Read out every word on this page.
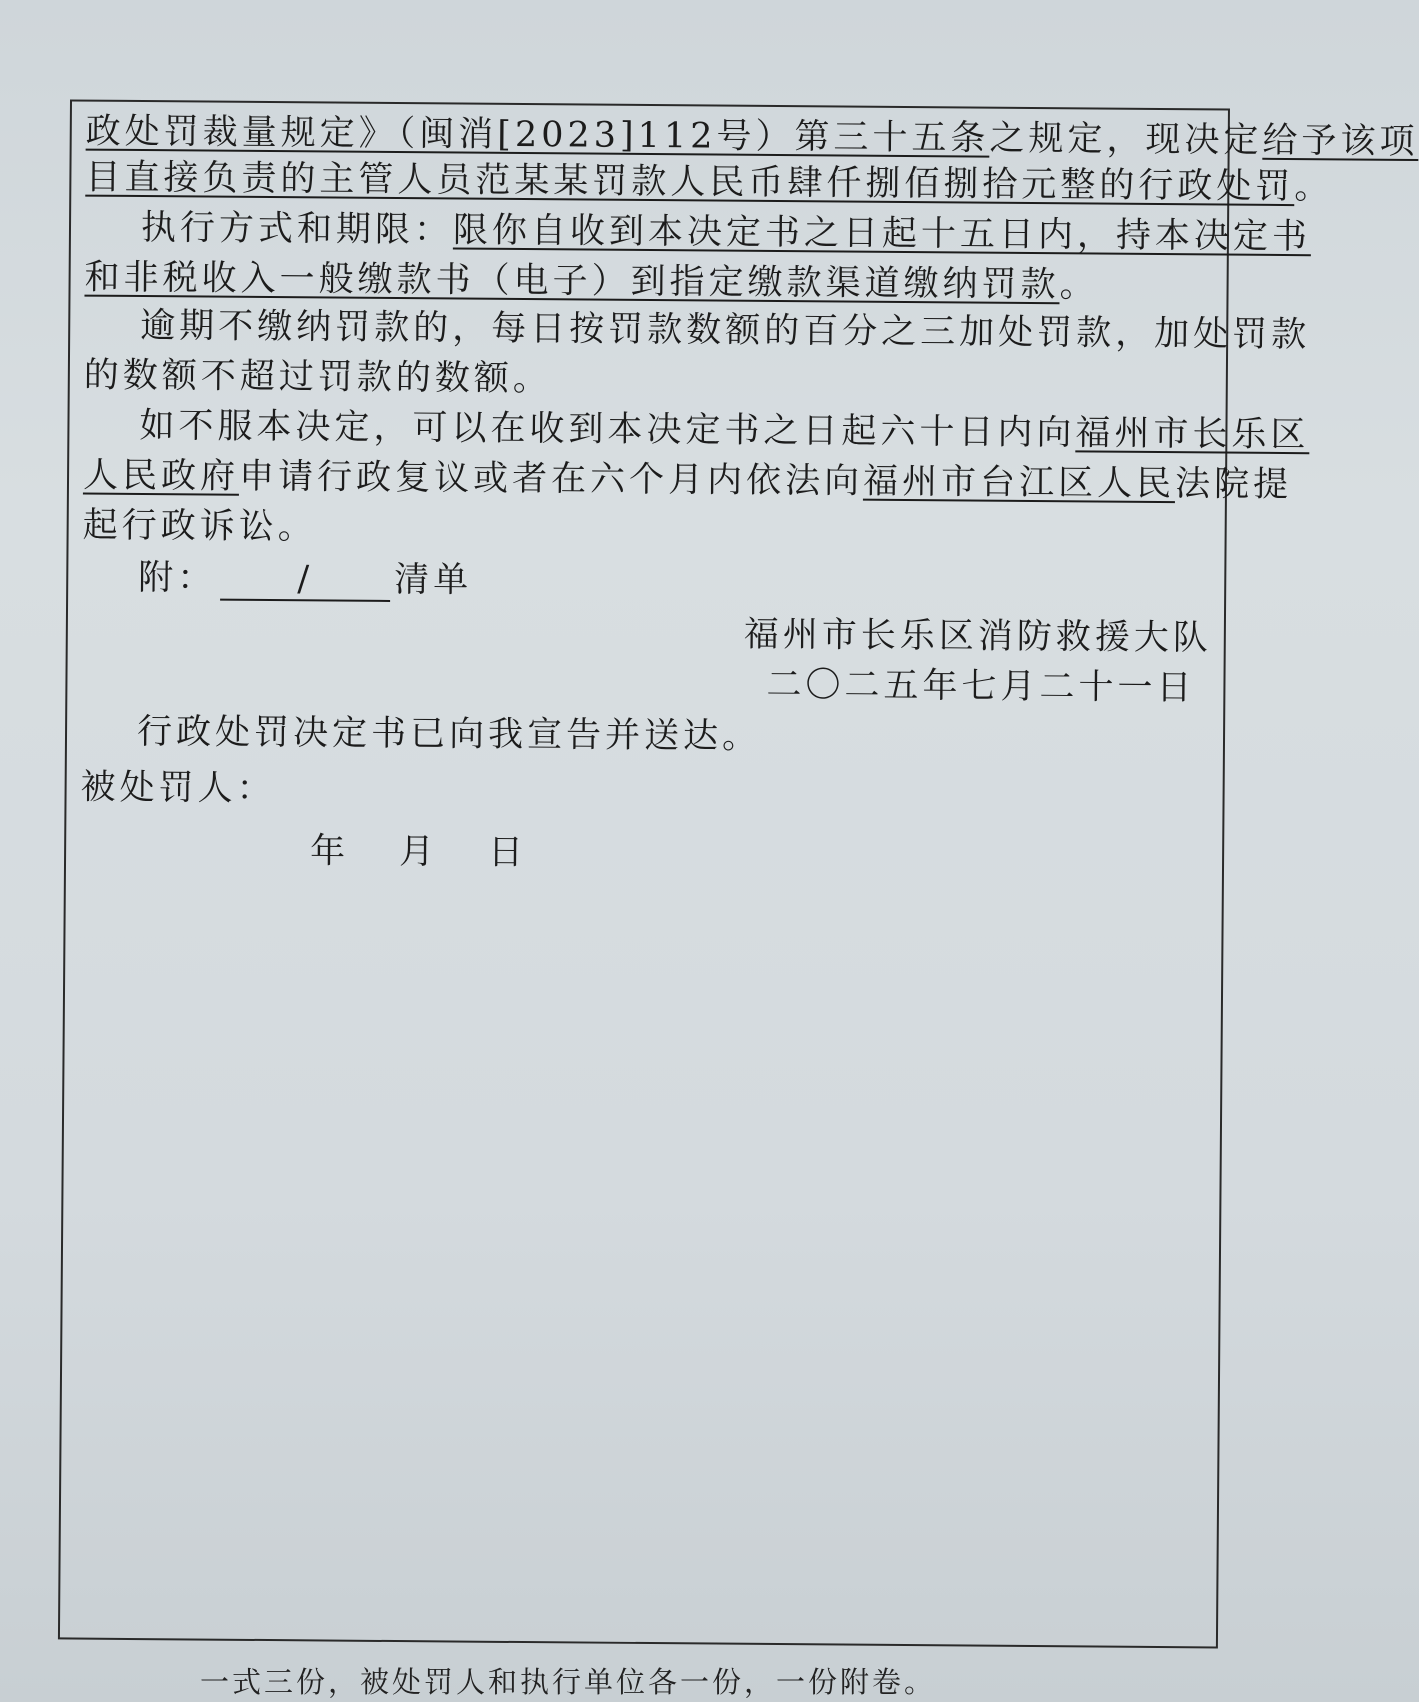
政处罚裁量规定》（闽消[2023]112号）第三十五条之规定，现决定给予该项
目直接负责的主管人员范某某罚款人民币肆仟捌佰捌拾元整的行政处罚。
执行方式和期限：限你自收到本决定书之日起十五日内，持本决定书
和非税收入一般缴款书（电子）到指定缴款渠道缴纳罚款。
逾期不缴纳罚款的，每日按罚款数额的百分之三加处罚款，加处罚款
的数额不超过罚款的数额。
如不服本决定，可以在收到本决定书之日起六十日内向福州市长乐区
人民政府申请行政复议或者在六个月内依法向福州市台江区人民法院提
起行政诉讼。
附： / 清单
福州市长乐区消防救援大队
二〇二五年七月二十一日
行政处罚决定书已向我宣告并送达。
被处罚人：
年 月 日
一式三份，被处罚人和执行单位各一份，一份附卷。
